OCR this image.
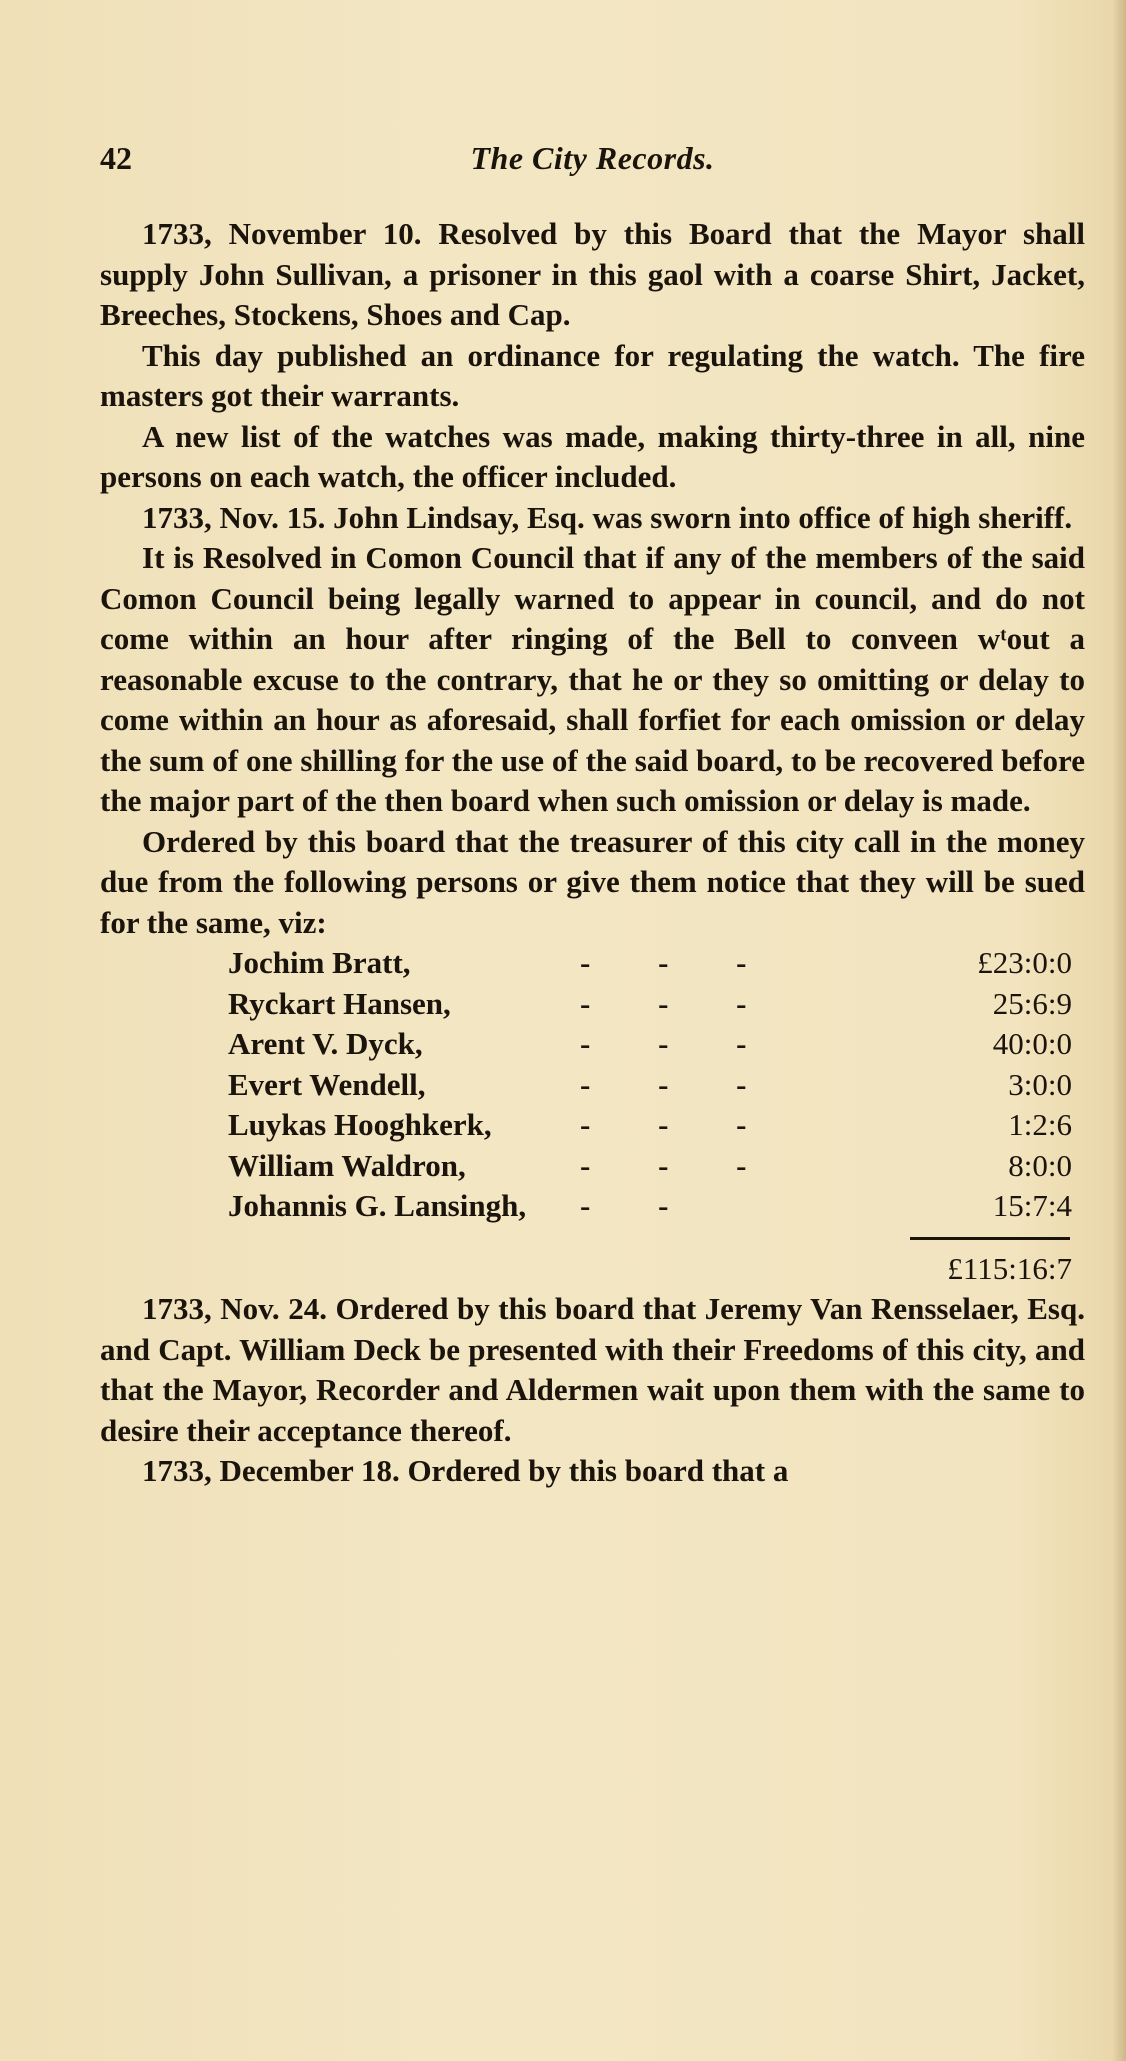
42	The City Records.

1733, November 10. Resolved by this Board that the Mayor shall supply John Sullivan, a prisoner in this gaol with a coarse Shirt, Jacket, Breeches, Stockens, Shoes and Cap.

This day published an ordinance for regulating the watch. The fire masters got their warrants.

A new list of the watches was made, making thirty-three in all, nine persons on each watch, the officer included.

1733, Nov. 15. John Lindsay, Esq. was sworn into office of high sheriff.

It is Resolved in Comon Council that if any of the members of the said Comon Council being legally warned to appear in council, and do not come within an hour after ringing of the Bell to conveen wᵗout a reasonable excuse to the contrary, that he or they so omitting or delay to come within an hour as aforesaid, shall forfiet for each omission or delay the sum of one shilling for the use of the said board, to be recovered before the major part of the then board when such omission or delay is made.

Ordered by this board that the treasurer of this city call in the money due from the following persons or give them notice that they will be sued for the same, viz:

Jochim Bratt,	- - -	£23:0:0
Ryckart Hansen,	- - -	25:6:9
Arent V. Dyck,	- - -	40:0:0
Evert Wendell,	- - -	3:0:0
Luykas Hooghkerk,	- - -	1:2:6
William Waldron,	- - -	8:0:0
Johannis G. Lansingh, - -	15:7:4
£115:16:7

1733, Nov. 24. Ordered by this board that Jeremy Van Rensselaer, Esq. and Capt. William Deck be presented with their Freedoms of this city, and that the Mayor, Recorder and Aldermen wait upon them with the same to desire their acceptance thereof.

1733, December 18. Ordered by this board that a
